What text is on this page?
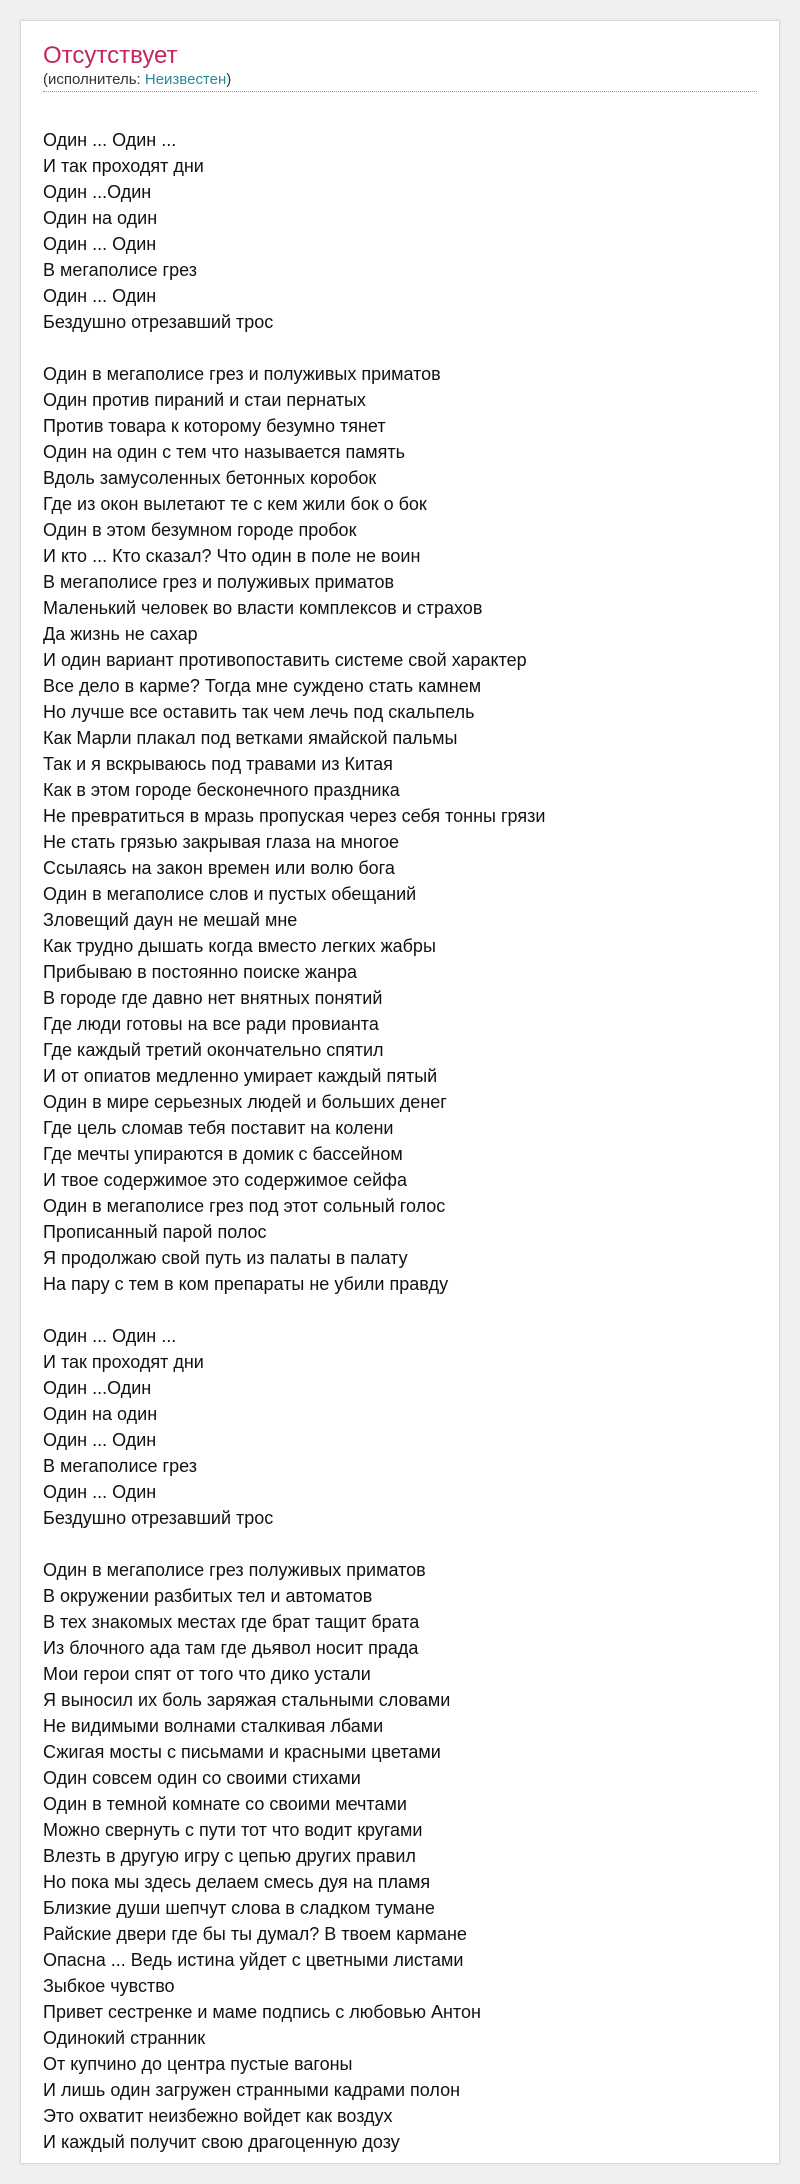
Отсутствует
(исполнитель: Неизвестен)
Один ... Один ...
И так проходят дни
Один ...Один
Один на один
Один ... Один
В мегаполисе грез
Один ... Один
Бездушно отрезавший трос
Один в мегаполисе грез и полуживых приматов
Один против пираний и стаи пернатых
Против товара к которому безумно тянет
Один на один с тем что называется память
Вдоль замусоленных бетонных коробок
Где из окон вылетают те с кем жили бок о бок
Один в этом безумном городе пробок
И кто ... Кто сказал? Что один в поле не воин
В мегаполисе грез и полуживых приматов
Маленький человек во власти комплексов и страхов
Да жизнь не сахар
И один вариант противопоставить системе свой характер
Все дело в карме? Тогда мне суждено стать камнем
Но лучше все оставить так чем лечь под скальпель
Как Марли плакал под ветками ямайской пальмы
Так и я вскрываюсь под травами из Китая
Как в этом городе бесконечного праздника
Не превратиться в мразь пропуская через себя тонны грязи
Не стать грязью закрывая глаза на многое
Ссылаясь на закон времен или волю бога
Один в мегаполисе слов и пустых обещаний
Зловещий даун не мешай мне
Как трудно дышать когда вместо легких жабры
Прибываю в постоянно поиске жанра
В городе где давно нет внятных понятий
Где люди готовы на все ради провианта
Где каждый третий окончательно спятил
И от опиатов медленно умирает каждый пятый
Один в мире серьезных людей и больших денег
Где цель сломав тебя поставит на колени
Где мечты упираются в домик с бассейном
И твое содержимое это содержимое сейфа
Один в мегаполисе грез под этот сольный голос
Прописанный парой полос
Я продолжаю свой путь из палаты в палату
На пару с тем в ком препараты не убили правду
Один ... Один ...
И так проходят дни
Один ...Один
Один на один
Один ... Один
В мегаполисе грез
Один ... Один
Бездушно отрезавший трос
Один в мегаполисе грез полуживых приматов
В окружении разбитых тел и автоматов
В тех знакомых местах где брат тащит брата
Из блочного ада там где дьявол носит прада
Мои герои спят от того что дико устали
Я выносил их боль заряжая стальными словами
Не видимыми волнами сталкивая лбами
Сжигая мосты с письмами и красными цветами
Один совсем один со своими стихами
Один в темной комнате со своими мечтами
Можно свернуть с пути тот что водит кругами
Влезть в другую игру с цепью других правил
Но пока мы здесь делаем смесь дуя на пламя
Близкие души шепчут слова в сладком тумане
Райские двери где бы ты думал? В твоем кармане
Опасна ... Ведь истина уйдет с цветными листами
Зыбкое чувство
Привет сестренке и маме подпись с любовью Антон
Одинокий странник
От купчино до центра пустые вагоны
И лишь один загружен странными кадрами полон
Это охватит неизбежно войдет как воздух
И каждый получит свою драгоценную дозу
